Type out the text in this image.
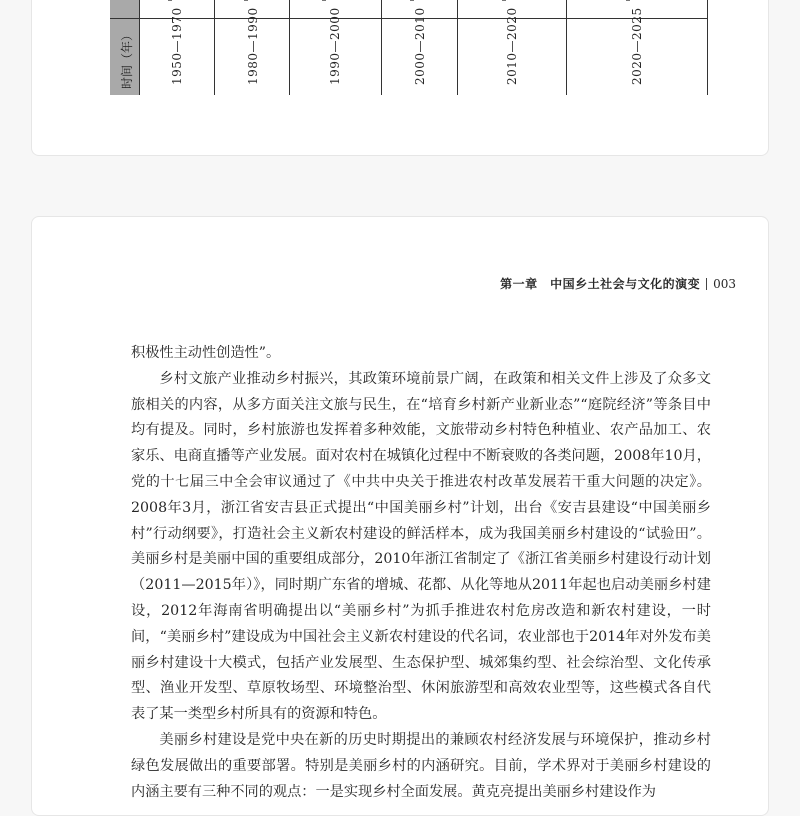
时间（年）	1950—1970	1980—1990	1990—2000	2000—2010	2010—2020	2020—2025
第一章　中国乡土社会与文化的演变 003

积极性主动性创造性”。

乡村文旅产业推动乡村振兴，其政策环境前景广阔，在政策和相关文件上涉及了众多文旅相关的内容，从多方面关注文旅与民生，在“培育乡村新产业新业态”“庭院经济”等条目中均有提及。同时，乡村旅游也发挥着多种效能，文旅带动乡村特色种植业、农产品加工、农家乐、电商直播等产业发展。面对农村在城镇化过程中不断衰败的各类问题，2008年10月，党的十七届三中全会审议通过了《中共中央关于推进农村改革发展若干重大问题的决定》。2008年3月，浙江省安吉县正式提出“中国美丽乡村”计划，出台《安吉县建设“中国美丽乡村”行动纲要》，打造社会主义新农村建设的鲜活样本，成为我国美丽乡村建设的“试验田”。美丽乡村是美丽中国的重要组成部分，2010年浙江省制定了《浙江省美丽乡村建设行动计划（2011—2015年）》，同时期广东省的增城、花都、从化等地从2011年起也启动美丽乡村建设，2012年海南省明确提出以“美丽乡村”为抓手推进农村危房改造和新农村建设，一时间，“美丽乡村”建设成为中国社会主义新农村建设的代名词，农业部也于2014年对外发布美丽乡村建设十大模式，包括产业发展型、生态保护型、城郊集约型、社会综治型、文化传承型、渔业开发型、草原牧场型、环境整治型、休闲旅游型和高效农业型等，这些模式各自代表了某一类型乡村所具有的资源和特色。

美丽乡村建设是党中央在新的历史时期提出的兼顾农村经济发展与环境保护，推动乡村绿色发展做出的重要部署。特别是美丽乡村的内涵研究。目前，学术界对于美丽乡村建设的内涵主要有三种不同的观点：一是实现乡村全面发展。黄克亮提出美丽乡村建设作为
